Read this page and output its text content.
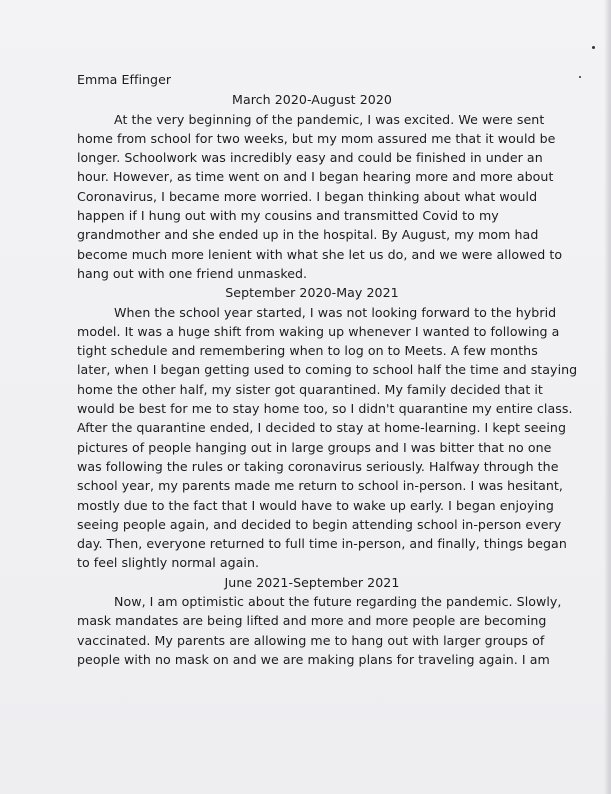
Emma Effinger
March 2020-August 2020
At the very beginning of the pandemic, I was excited. We were sent
home from school for two weeks, but my mom assured me that it would be
longer. Schoolwork was incredibly easy and could be finished in under an
hour. However, as time went on and I began hearing more and more about
Coronavirus, I became more worried. I began thinking about what would
happen if I hung out with my cousins and transmitted Covid to my
grandmother and she ended up in the hospital. By August, my mom had
become much more lenient with what she let us do, and we were allowed to
hang out with one friend unmasked.
September 2020-May 2021
When the school year started, I was not looking forward to the hybrid
model. It was a huge shift from waking up whenever I wanted to following a
tight schedule and remembering when to log on to Meets. A few months
later, when I began getting used to coming to school half the time and staying
home the other half, my sister got quarantined. My family decided that it
would be best for me to stay home too, so I didn't quarantine my entire class.
After the quarantine ended, I decided to stay at home-learning. I kept seeing
pictures of people hanging out in large groups and I was bitter that no one
was following the rules or taking coronavirus seriously. Halfway through the
school year, my parents made me return to school in-person. I was hesitant,
mostly due to the fact that I would have to wake up early. I began enjoying
seeing people again, and decided to begin attending school in-person every
day. Then, everyone returned to full time in-person, and finally, things began
to feel slightly normal again.
June 2021-September 2021
Now, I am optimistic about the future regarding the pandemic. Slowly,
mask mandates are being lifted and more and more people are becoming
vaccinated. My parents are allowing me to hang out with larger groups of
people with no mask on and we are making plans for traveling again. I am
